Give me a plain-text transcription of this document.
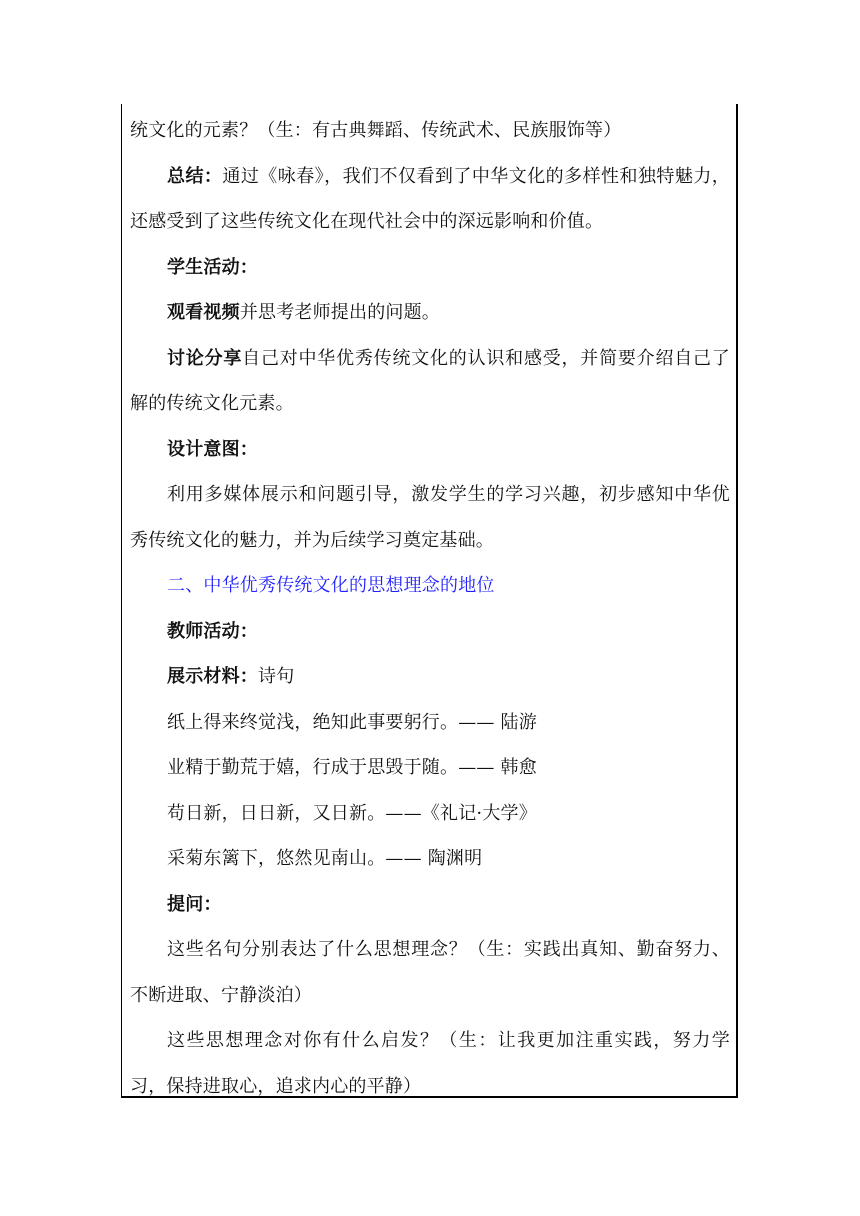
统文化的元素？（生：有古典舞蹈、传统武术、民族服饰等）

总结：通过《咏春》，我们不仅看到了中华文化的多样性和独特魅力，还感受到了这些传统文化在现代社会中的深远影响和价值。

学生活动：

观看视频并思考老师提出的问题。

讨论分享自己对中华优秀传统文化的认识和感受，并简要介绍自己了解的传统文化元素。

设计意图：

利用多媒体展示和问题引导，激发学生的学习兴趣，初步感知中华优秀传统文化的魅力，并为后续学习奠定基础。

二、中华优秀传统文化的思想理念的地位

教师活动：

展示材料：诗句

纸上得来终觉浅，绝知此事要躬行。—— 陆游

业精于勤荒于嬉，行成于思毁于随。—— 韩愈

苟日新，日日新，又日新。——《礼记·大学》

采菊东篱下，悠然见南山。—— 陶渊明

提问：

这些名句分别表达了什么思想理念？（生：实践出真知、勤奋努力、不断进取、宁静淡泊）

这些思想理念对你有什么启发？（生：让我更加注重实践，努力学习，保持进取心，追求内心的平静）
